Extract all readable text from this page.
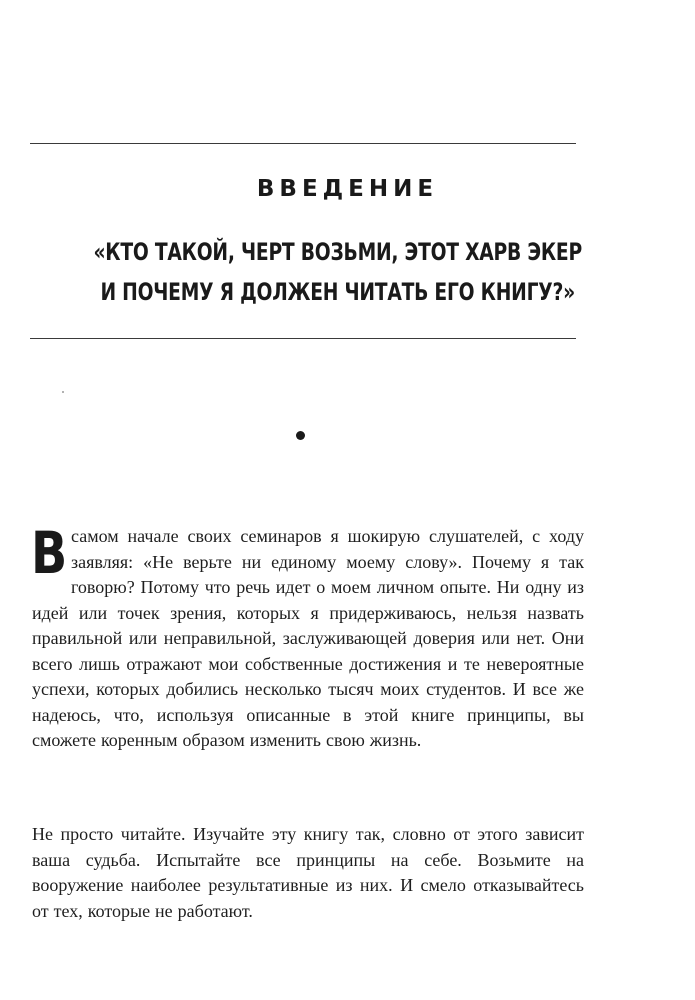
ВВЕДЕНИЕ
«КТО ТАКОЙ, ЧЕРТ ВОЗЬМИ, ЭТОТ ХАРВ ЭКЕР
И ПОЧЕМУ Я ДОЛЖЕН ЧИТАТЬ ЕГО КНИГУ?»

Всамом начале своих семинаров я шокирую слушателей, с ходу заявляя: «Не верьте ни единому моему слову». Почему я так говорю? Потому что речь идет о моем личном опыте. Ни одну из идей или точек зрения, которых я придерживаюсь, нельзя назвать правильной или неправильной, заслуживающей доверия или нет. Они всего лишь отражают мои собственные достижения и те невероятные успехи, которых добились несколько тысяч моих студентов. И все же надеюсь, что, используя описанные в этой книге принципы, вы сможете коренным образом изменить свою жизнь.

Не просто читайте. Изучайте эту книгу так, словно от этого зависит ваша судьба. Испытайте все принципы на себе. Возьмите на вооружение наиболее результативные из них. И смело отказывайтесь от тех, которые не работают.
